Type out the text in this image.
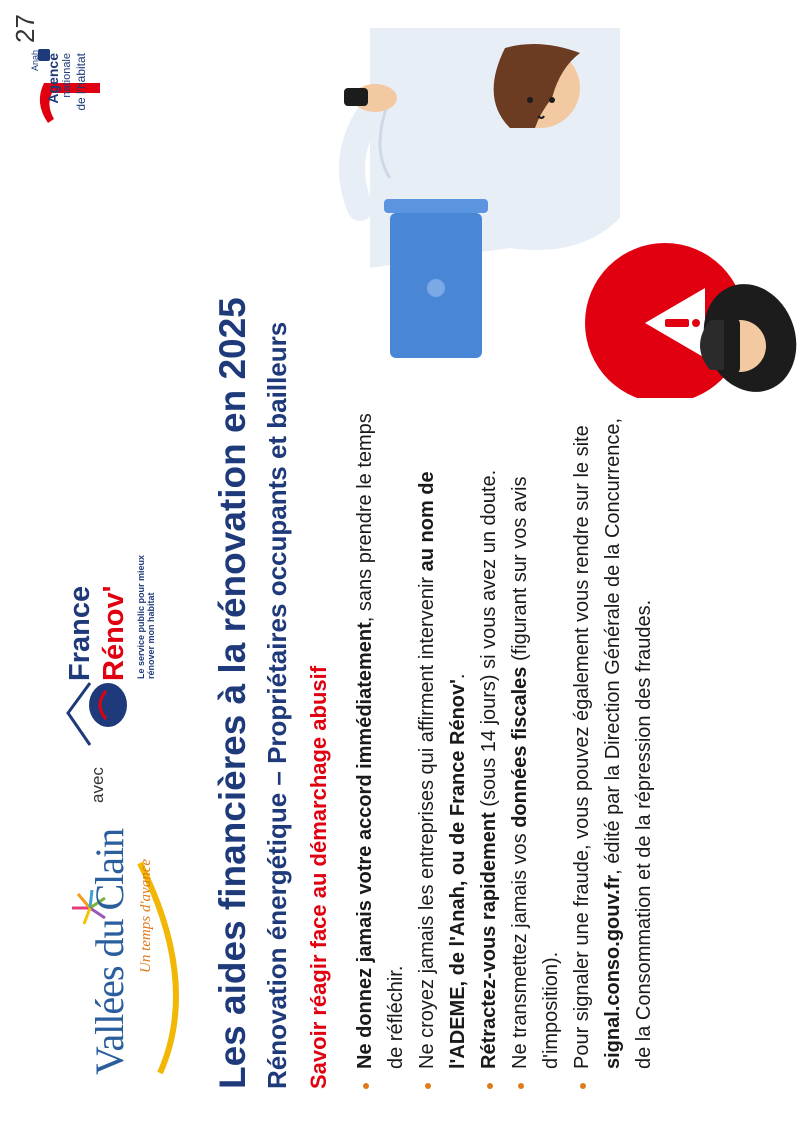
Vallées du Clain Un temps d'avance
avec
France Rénov' Le service public pour mieux rénover mon habitat
Agence nationale de l'habitat
Anah
27
Les aides financières à la rénovation en 2025 Rénovation énergétique – Propriétaires occupants et bailleurs Savoir réagir face au démarchage abusif Ne donnez jamais votre accord immédiatement, sans prendre le temps de réfléchir. Ne croyez jamais les entreprises qui affirment intervenir au nom de l'ADEME, de l'Anah, ou de France Rénov'.
Rétractez-vous rapidement (sous 14 jours) si vous avez un doute.
Ne transmettez jamais vos données fiscales (figurant sur vos avis d'imposition). Pour signaler une fraude, vous pouvez également vous rendre sur le site signal.conso.gouv.fr, édité par la Direction Générale de la Concurrence, de la Consommation et de la répression des fraudes.
